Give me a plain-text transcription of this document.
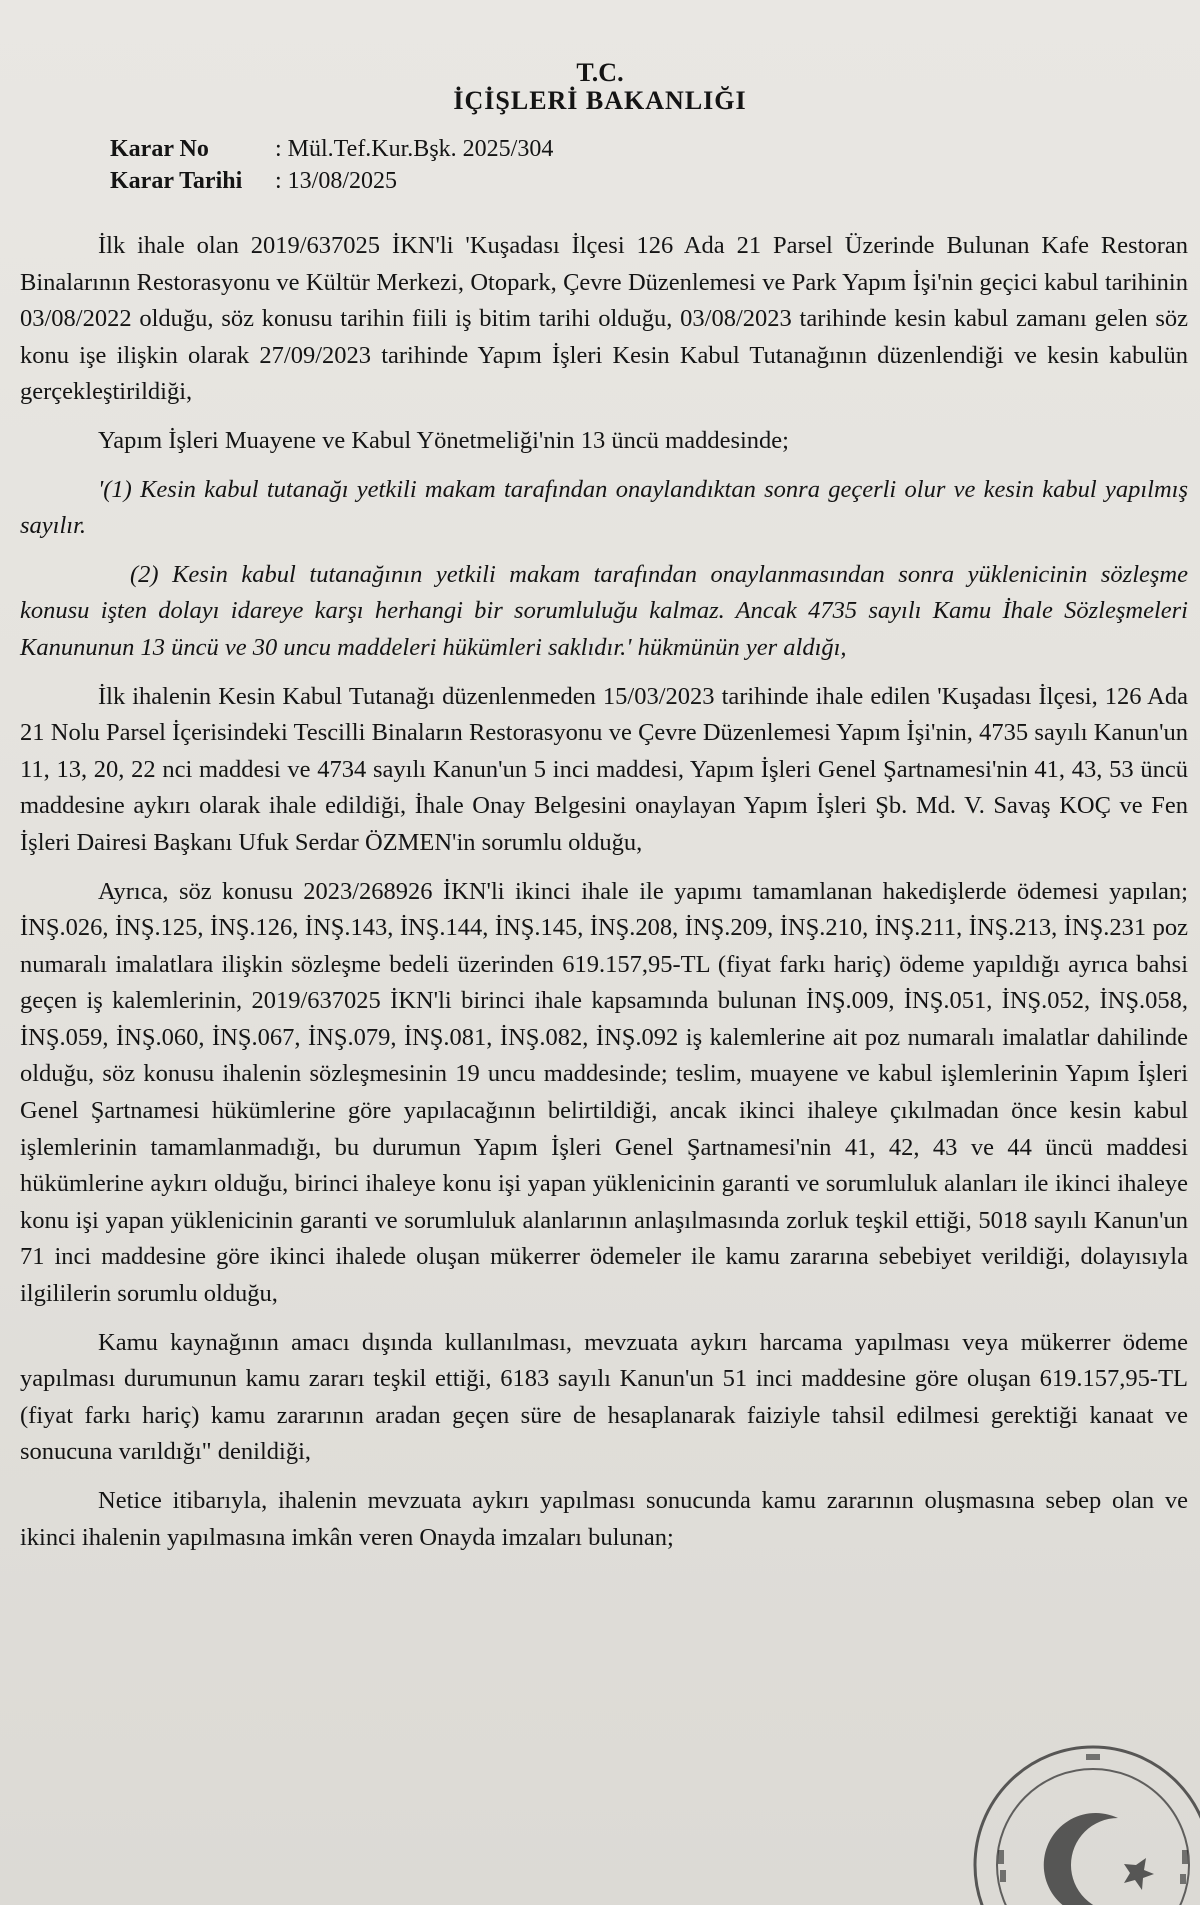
T.C.
İÇİŞLERİ BAKANLIĞI
Karar No	: Mül.Tef.Kur.Bşk. 2025/304
Karar Tarihi : 13/08/2025

İlk ihale olan 2019/637025 İKN'li 'Kuşadası İlçesi 126 Ada 21 Parsel Üzerinde Bulunan Kafe Restoran Binalarının Restorasyonu ve Kültür Merkezi, Otopark, Çevre Düzenlemesi ve Park Yapım İşi'nin geçici kabul tarihinin 03/08/2022 olduğu, söz konusu tarihin fiili iş bitim tarihi olduğu, 03/08/2023 tarihinde kesin kabul zamanı gelen söz konu işe ilişkin olarak 27/09/2023 tarihinde Yapım İşleri Kesin Kabul Tutanağının düzenlendiği ve kesin kabulün gerçekleştirildiği,

Yapım İşleri Muayene ve Kabul Yönetmeliği'nin 13 üncü maddesinde;

'(1) Kesin kabul tutanağı yetkili makam tarafından onaylandıktan sonra geçerli olur ve kesin kabul yapılmış sayılır.

(2) Kesin kabul tutanağının yetkili makam tarafından onaylanmasından sonra yüklenicinin sözleşme konusu işten dolayı idareye karşı herhangi bir sorumluluğu kalmaz. Ancak 4735 sayılı Kamu İhale Sözleşmeleri Kanununun 13 üncü ve 30 uncu maddeleri hükümleri saklıdır.' hükmünün yer aldığı,

İlk ihalenin Kesin Kabul Tutanağı düzenlenmeden 15/03/2023 tarihinde ihale edilen 'Kuşadası İlçesi, 126 Ada 21 Nolu Parsel İçerisindeki Tescilli Binaların Restorasyonu ve Çevre Düzenlemesi Yapım İşi'nin, 4735 sayılı Kanun'un 11, 13, 20, 22 nci maddesi ve 4734 sayılı Kanun'un 5 inci maddesi, Yapım İşleri Genel Şartnamesi'nin 41, 43, 53 üncü maddesine aykırı olarak ihale edildiği, İhale Onay Belgesini onaylayan Yapım İşleri Şb. Md. V. Savaş KOÇ ve Fen İşleri Dairesi Başkanı Ufuk Serdar ÖZMEN'in sorumlu olduğu,

Ayrıca, söz konusu 2023/268926 İKN'li ikinci ihale ile yapımı tamamlanan hakedişlerde ödemesi yapılan; İNŞ.026, İNŞ.125, İNŞ.126, İNŞ.143, İNŞ.144, İNŞ.145, İNŞ.208, İNŞ.209, İNŞ.210, İNŞ.211, İNŞ.213, İNŞ.231 poz numaralı imalatlara ilişkin sözleşme bedeli üzerinden 619.157,95-TL (fiyat farkı hariç) ödeme yapıldığı ayrıca bahsi geçen iş kalemlerinin, 2019/637025 İKN'li birinci ihale kapsamında bulunan İNŞ.009, İNŞ.051, İNŞ.052, İNŞ.058, İNŞ.059, İNŞ.060, İNŞ.067, İNŞ.079, İNŞ.081, İNŞ.082, İNŞ.092 iş kalemlerine ait poz numaralı imalatlar dahilinde olduğu, söz konusu ihalenin sözleşmesinin 19 uncu maddesinde; teslim, muayene ve kabul işlemlerinin Yapım İşleri Genel Şartnamesi hükümlerine göre yapılacağının belirtildiği, ancak ikinci ihaleye çıkılmadan önce kesin kabul işlemlerinin tamamlanmadığı, bu durumun Yapım İşleri Genel Şartnamesi'nin 41, 42, 43 ve 44 üncü maddesi hükümlerine aykırı olduğu, birinci ihaleye konu işi yapan yüklenicinin garanti ve sorumluluk alanları ile ikinci ihaleye konu işi yapan yüklenicinin garanti ve sorumluluk alanlarının anlaşılmasında zorluk teşkil ettiği, 5018 sayılı Kanun'un 71 inci maddesine göre ikinci ihalede oluşan mükerrer ödemeler ile kamu zararına sebebiyet verildiği, dolayısıyla ilgililerin sorumlu olduğu,

Kamu kaynağının amacı dışında kullanılması, mevzuata aykırı harcama yapılması veya mükerrer ödeme yapılması durumunun kamu zararı teşkil ettiği, 6183 sayılı Kanun'un 51 inci maddesine göre oluşan 619.157,95-TL (fiyat farkı hariç) kamu zararının aradan geçen süre de hesaplanarak faiziyle tahsil edilmesi gerektiği kanaat ve sonucuna varıldığı" denildiği,

Netice itibarıyla, ihalenin mevzuata aykırı yapılması sonucunda kamu zararının oluşmasına sebep olan ve ikinci ihalenin yapılmasına imkân veren Onayda imzaları bulunan;
